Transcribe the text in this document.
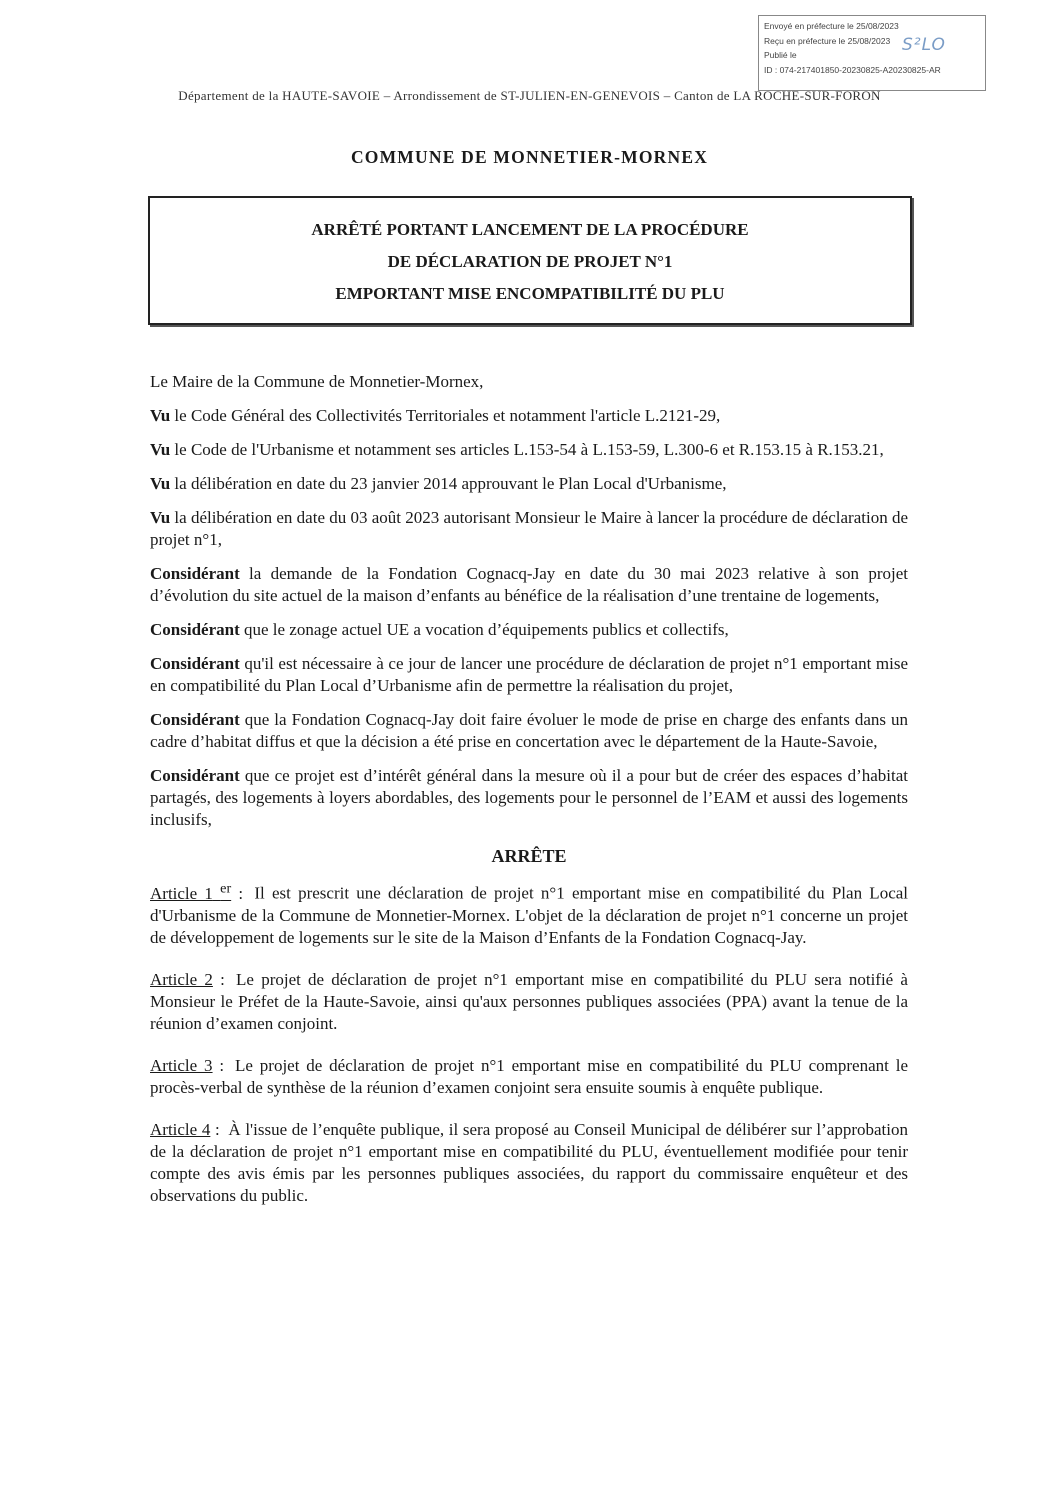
Envoyé en préfecture le 25/08/2023
Reçu en préfecture le 25/08/2023
Publié le
ID : 074-217401850-20230825-A20230825-AR
S²LO
Département de la HAUTE-SAVOIE – Arrondissement de ST-JULIEN-EN-GENEVOIS – Canton de LA ROCHE-SUR-FORON
COMMUNE DE MONNETIER-MORNEX
ARRÊTÉ PORTANT LANCEMENT DE LA PROCÉDURE
DE DÉCLARATION DE PROJET N°1
EMPORTANT MISE ENCOMPATIBILITÉ DU PLU

Le Maire de la Commune de Monnetier-Mornex,

Vu le Code Général des Collectivités Territoriales et notamment l'article L.2121-29,

Vu le Code de l'Urbanisme et notamment ses articles L.153-54 à L.153-59, L.300-6 et R.153.15 à R.153.21,

Vu la délibération en date du 23 janvier 2014 approuvant le Plan Local d'Urbanisme,

Vu la délibération en date du 03 août 2023 autorisant Monsieur le Maire à lancer la procédure de déclaration de projet n°1,

Considérant la demande de la Fondation Cognacq-Jay en date du 30 mai 2023 relative à son projet d’évolution du site actuel de la maison d’enfants au bénéfice de la réalisation d’une trentaine de logements,

Considérant que le zonage actuel UE a vocation d’équipements publics et collectifs,

Considérant qu'il est nécessaire à ce jour de lancer une procédure de déclaration de projet n°1 emportant mise en compatibilité du Plan Local d’Urbanisme afin de permettre la réalisation du projet,

Considérant que la Fondation Cognacq-Jay doit faire évoluer le mode de prise en charge des enfants dans un cadre d’habitat diffus et que la décision a été prise en concertation avec le département de la Haute-Savoie,

Considérant que ce projet est d’intérêt général dans la mesure où il a pour but de créer des espaces d’habitat partagés, des logements à loyers abordables, des logements pour le personnel de l’EAM et aussi des logements inclusifs,

ARRÊTE

Article 1 $^{er}$ : Il est prescrit une déclaration de projet n°1 emportant mise en compatibilité du Plan Local d'Urbanisme de la Commune de Monnetier-Mornex. L'objet de la déclaration de projet n°1 concerne un projet de développement de logements sur le site de la Maison d’Enfants de la Fondation Cognacq-Jay.

Article 2 : Le projet de déclaration de projet n°1 emportant mise en compatibilité du PLU sera notifié à Monsieur le Préfet de la Haute-Savoie, ainsi qu'aux personnes publiques associées (PPA) avant la tenue de la réunion d’examen conjoint.

Article 3 : Le projet de déclaration de projet n°1 emportant mise en compatibilité du PLU comprenant le procès-verbal de synthèse de la réunion d’examen conjoint sera ensuite soumis à enquête publique.

Article 4 : À l'issue de l’enquête publique, il sera proposé au Conseil Municipal de délibérer sur l’approbation de la déclaration de projet n°1 emportant mise en compatibilité du PLU, éventuellement modifiée pour tenir compte des avis émis par les personnes publiques associées, du rapport du commissaire enquêteur et des observations du public.
